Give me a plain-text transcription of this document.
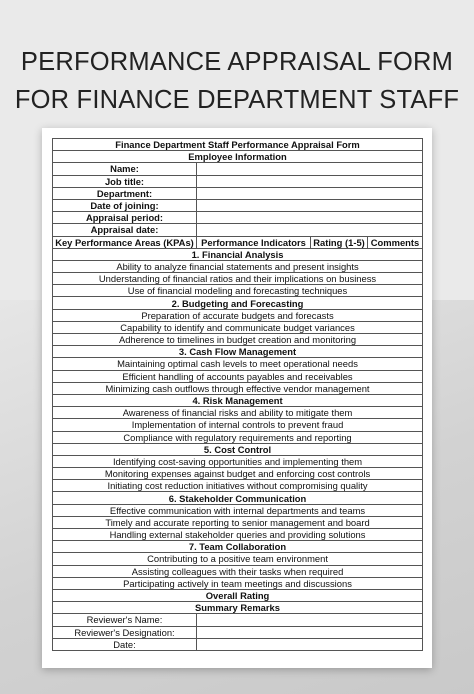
PERFORMANCE APPRAISAL FORM
FOR FINANCE DEPARTMENT STAFF
Finance Department Staff Performance Appraisal Form			
Employee Information			
Name:			
Job title:			
Department:			
Date of joining:			
Appraisal period:			
Appraisal date:			
Key Performance Areas (KPAs)	Performance Indicators	Rating (1-5)	Comments
1. Financial Analysis			
Ability to analyze financial statements and present insights			
Understanding of financial ratios and their implications on business			
Use of financial modeling and forecasting techniques			
2. Budgeting and Forecasting			
Preparation of accurate budgets and forecasts			
Capability to identify and communicate budget variances			
Adherence to timelines in budget creation and monitoring			
3. Cash Flow Management			
Maintaining optimal cash levels to meet operational needs			
Efficient handling of accounts payables and receivables			
Minimizing cash outflows through effective vendor management			
4. Risk Management			
Awareness of financial risks and ability to mitigate them			
Implementation of internal controls to prevent fraud			
Compliance with regulatory requirements and reporting			
5. Cost Control			
Identifying cost-saving opportunities and implementing them			
Monitoring expenses against budget and enforcing cost controls			
Initiating cost reduction initiatives without compromising quality			
6. Stakeholder Communication			
Effective communication with internal departments and teams			
Timely and accurate reporting to senior management and board			
Handling external stakeholder queries and providing solutions			
7. Team Collaboration			
Contributing to a positive team environment			
Assisting colleagues with their tasks when required			
Participating actively in team meetings and discussions			
Overall Rating			
Summary Remarks			
Reviewer's Name:			
Reviewer's Designation:			
Date:			
